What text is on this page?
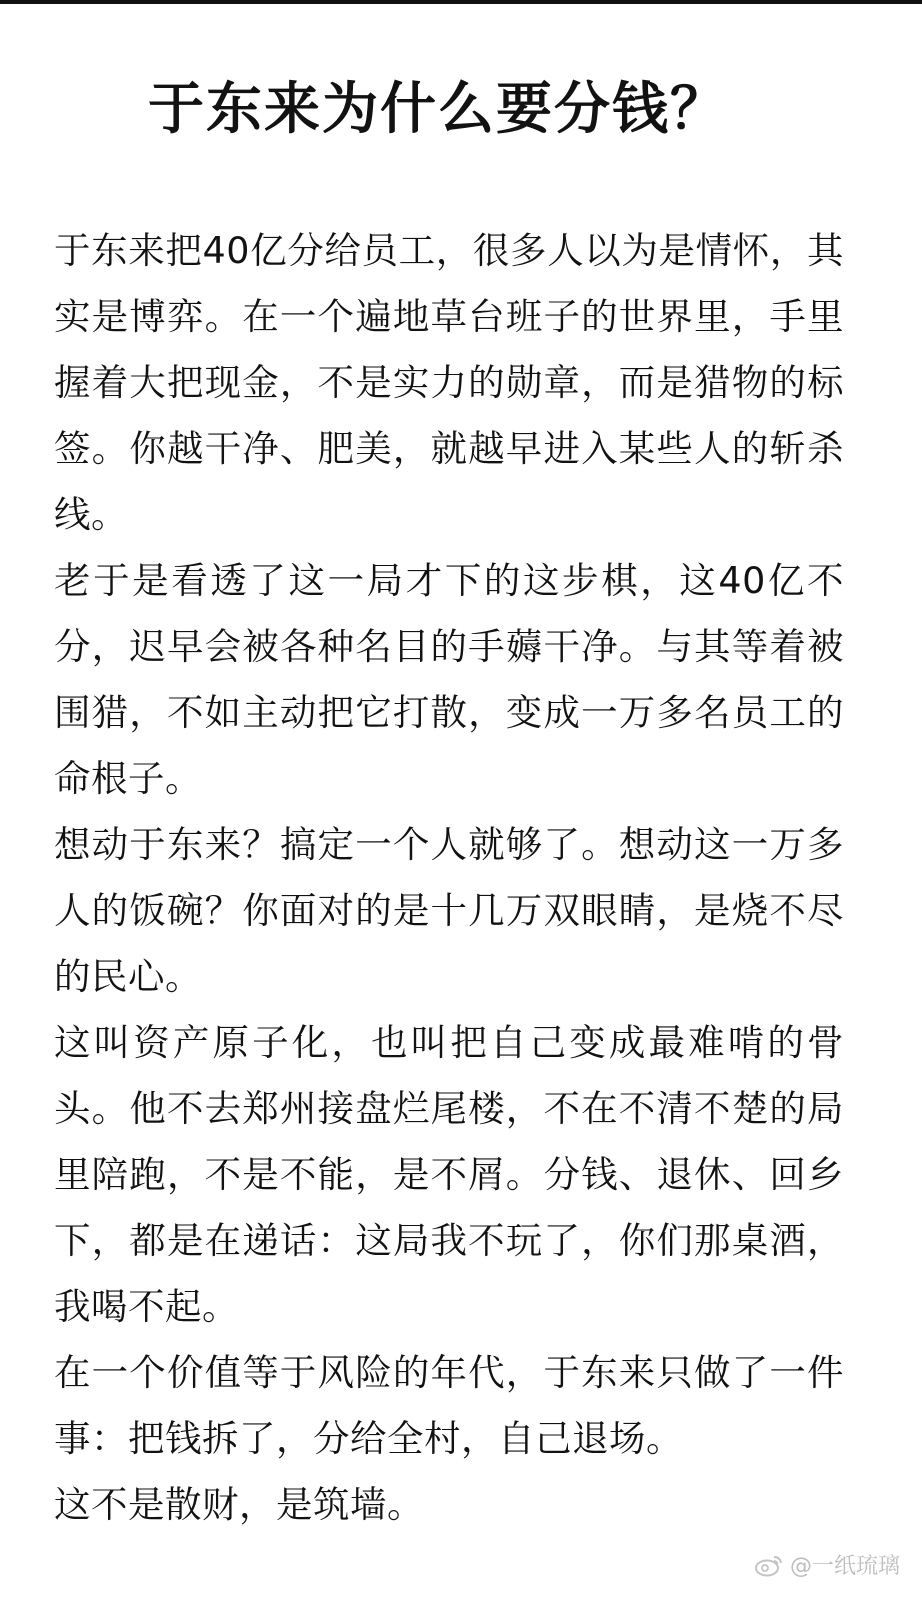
于东来为什么要分钱？

于东来把40亿分给员工，很多人以为是情怀，其实是博弈。在一个遍地草台班子的世界里，手里握着大把现金，不是实力的勋章，而是猎物的标签。你越干净、肥美，就越早进入某些人的斩杀线。

老于是看透了这一局才下的这步棋，这40亿不分，迟早会被各种名目的手薅干净。与其等着被围猎，不如主动把它打散，变成一万多名员工的命根子。

想动于东来？搞定一个人就够了。想动这一万多人的饭碗？你面对的是十几万双眼睛，是烧不尽的民心。

这叫资产原子化，也叫把自己变成最难啃的骨头。他不去郑州接盘烂尾楼，不在不清不楚的局里陪跑，不是不能，是不屑。分钱、退休、回乡下，都是在递话：这局我不玩了，你们那桌酒，我喝不起。

在一个价值等于风险的年代，于东来只做了一件事：把钱拆了，分给全村，自己退场。

这不是散财，是筑墙。

@一纸琉璃
